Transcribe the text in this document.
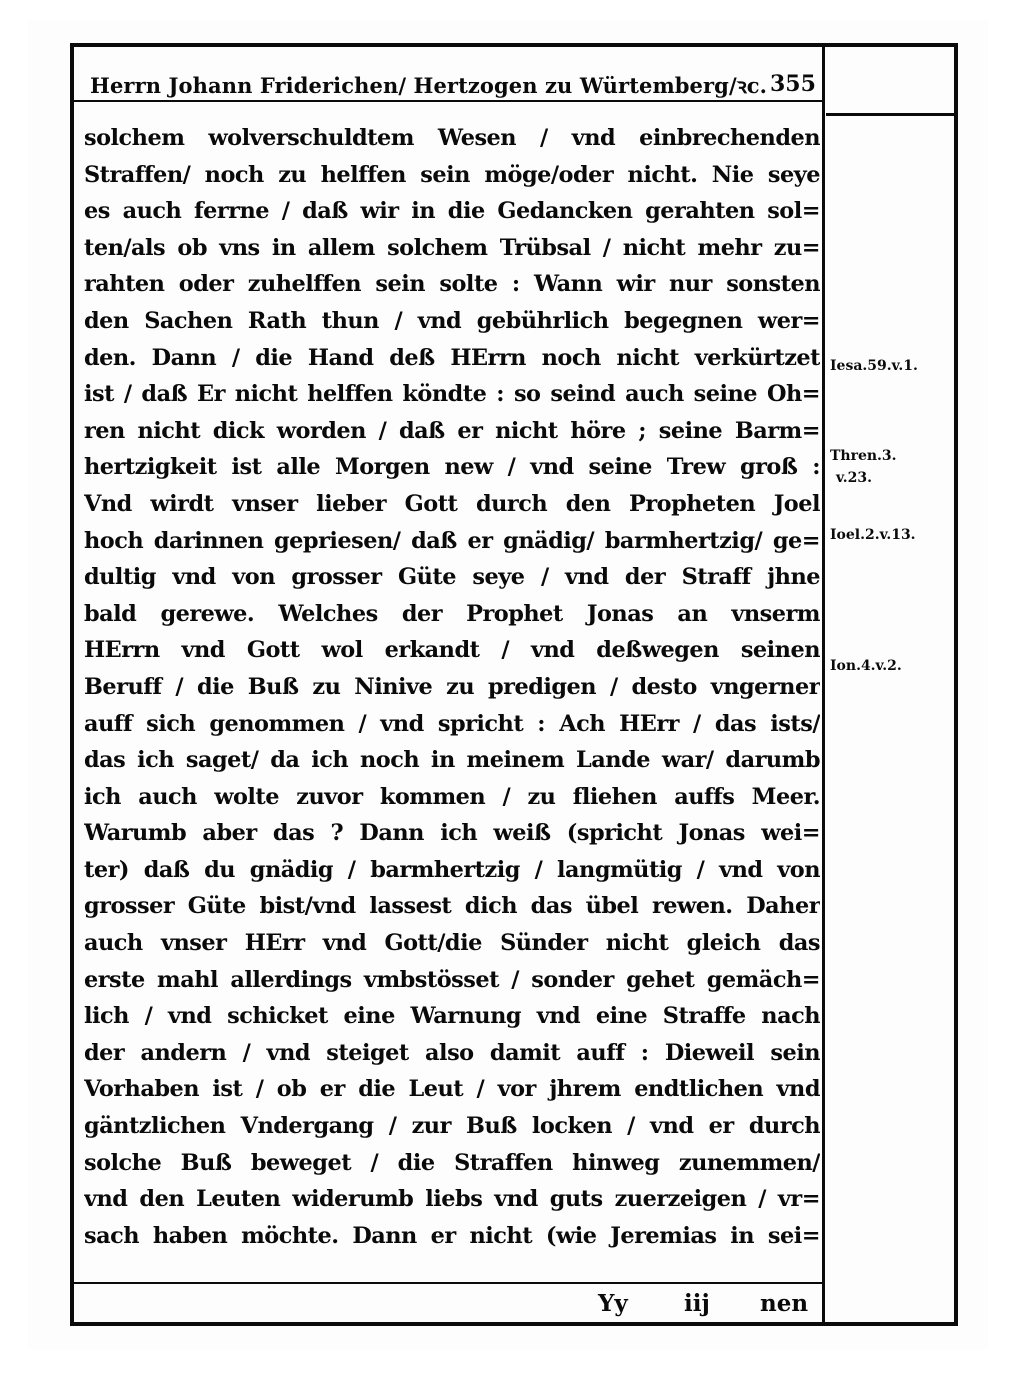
Herrn Johann Friderichen/ Hertzogen zu Würtemberg/ꝛc. 355
solchem wolverschuldtem Wesen / vnd einbrechenden
Straffen/ noch zu helffen sein möge/oder nicht. Nie seye
es auch ferrne / daß wir in die Gedancken gerahten sol=
ten/als ob vns in allem solchem Trübsal / nicht mehr zu=
rahten oder zuhelffen sein solte : Wann wir nur sonsten
den Sachen Rath thun / vnd gebührlich begegnen wer=
den. Dann / die Hand deß HErrn noch nicht verkürtzet
ist / daß Er nicht helffen köndte : so seind auch seine Oh=
ren nicht dick worden / daß er nicht höre ; seine Barm=
hertzigkeit ist alle Morgen new / vnd seine Trew groß :
Vnd wirdt vnser lieber Gott durch den Propheten Joel
hoch darinnen gepriesen/ daß er gnädig/ barmhertzig/ ge=
dultig vnd von grosser Güte seye / vnd der Straff jhne
bald gerewe. Welches der Prophet Jonas an vnserm
HErrn vnd Gott wol erkandt / vnd deßwegen seinen
Beruff / die Buß zu Ninive zu predigen / desto vngerner
auff sich genommen / vnd spricht : Ach HErr / das ists/
das ich saget/ da ich noch in meinem Lande war/ darumb
ich auch wolte zuvor kommen / zu fliehen auffs Meer.
Warumb aber das ? Dann ich weiß (spricht Jonas wei=
ter) daß du gnädig / barmhertzig / langmütig / vnd von
grosser Güte bist/vnd lassest dich das übel rewen. Daher
auch vnser HErr vnd Gott/die Sünder nicht gleich das
erste mahl allerdings vmbstösset / sonder gehet gemäch=
lich / vnd schicket eine Warnung vnd eine Straffe nach
der andern / vnd steiget also damit auff : Dieweil sein
Vorhaben ist / ob er die Leut / vor jhrem endtlichen vnd
gäntzlichen Vndergang / zur Buß locken / vnd er durch
solche Buß beweget / die Straffen hinweg zunemmen/
vnd den Leuten widerumb liebs vnd guts zuerzeigen / vr=
sach haben möchte. Dann er nicht (wie Jeremias in sei=
Iesa.59.v.1.
Thren.3.
v.23.
Ioel.2.v.13.
Ion.4.v.2.
Yy iij nen
